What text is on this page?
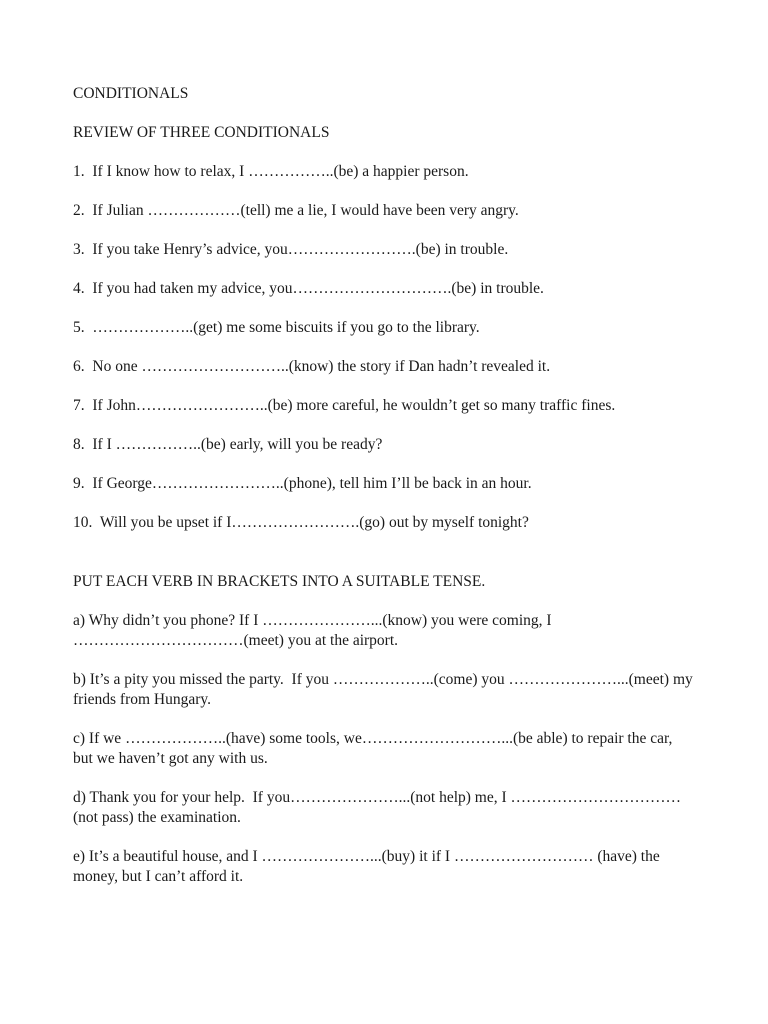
CONDITIONALS

REVIEW OF THREE CONDITIONALS

1.  If I know how to relax, I ……………..(be) a happier person.

2.  If Julian ………………(tell) me a lie, I would have been very angry.

3.  If you take Henry’s advice, you…………………….(be) in trouble.

4.  If you had taken my advice, you………………………….(be) in trouble.

5.  ………………..(get) me some biscuits if you go to the library.

6.  No one ………………………..(know) the story if Dan hadn’t revealed it.

7.  If John……………………..(be) more careful, he wouldn’t get so many traffic fines.

8.  If I ……………..(be) early, will you be ready?

9.  If George……………………..(phone), tell him I’ll be back in an hour.

10.  Will you be upset if I…………………….(go) out by myself tonight?

PUT EACH VERB IN BRACKETS INTO A SUITABLE TENSE.

a) Why didn’t you phone? If I …………………...(know) you were coming, I ……………………………(meet) you at the airport.

b) It’s a pity you missed the party.  If you ………………..(come) you …………………...(meet) my friends from Hungary.

c) If we ………………..(have) some tools, we………………………...(be able) to repair the car, but we haven’t got any with us.

d) Thank you for your help.  If you…………………...(not help) me, I ……………………………(not pass) the examination.

e) It’s a beautiful house, and I …………………...(buy) it if I ……………………… (have) the money, but I can’t afford it.
